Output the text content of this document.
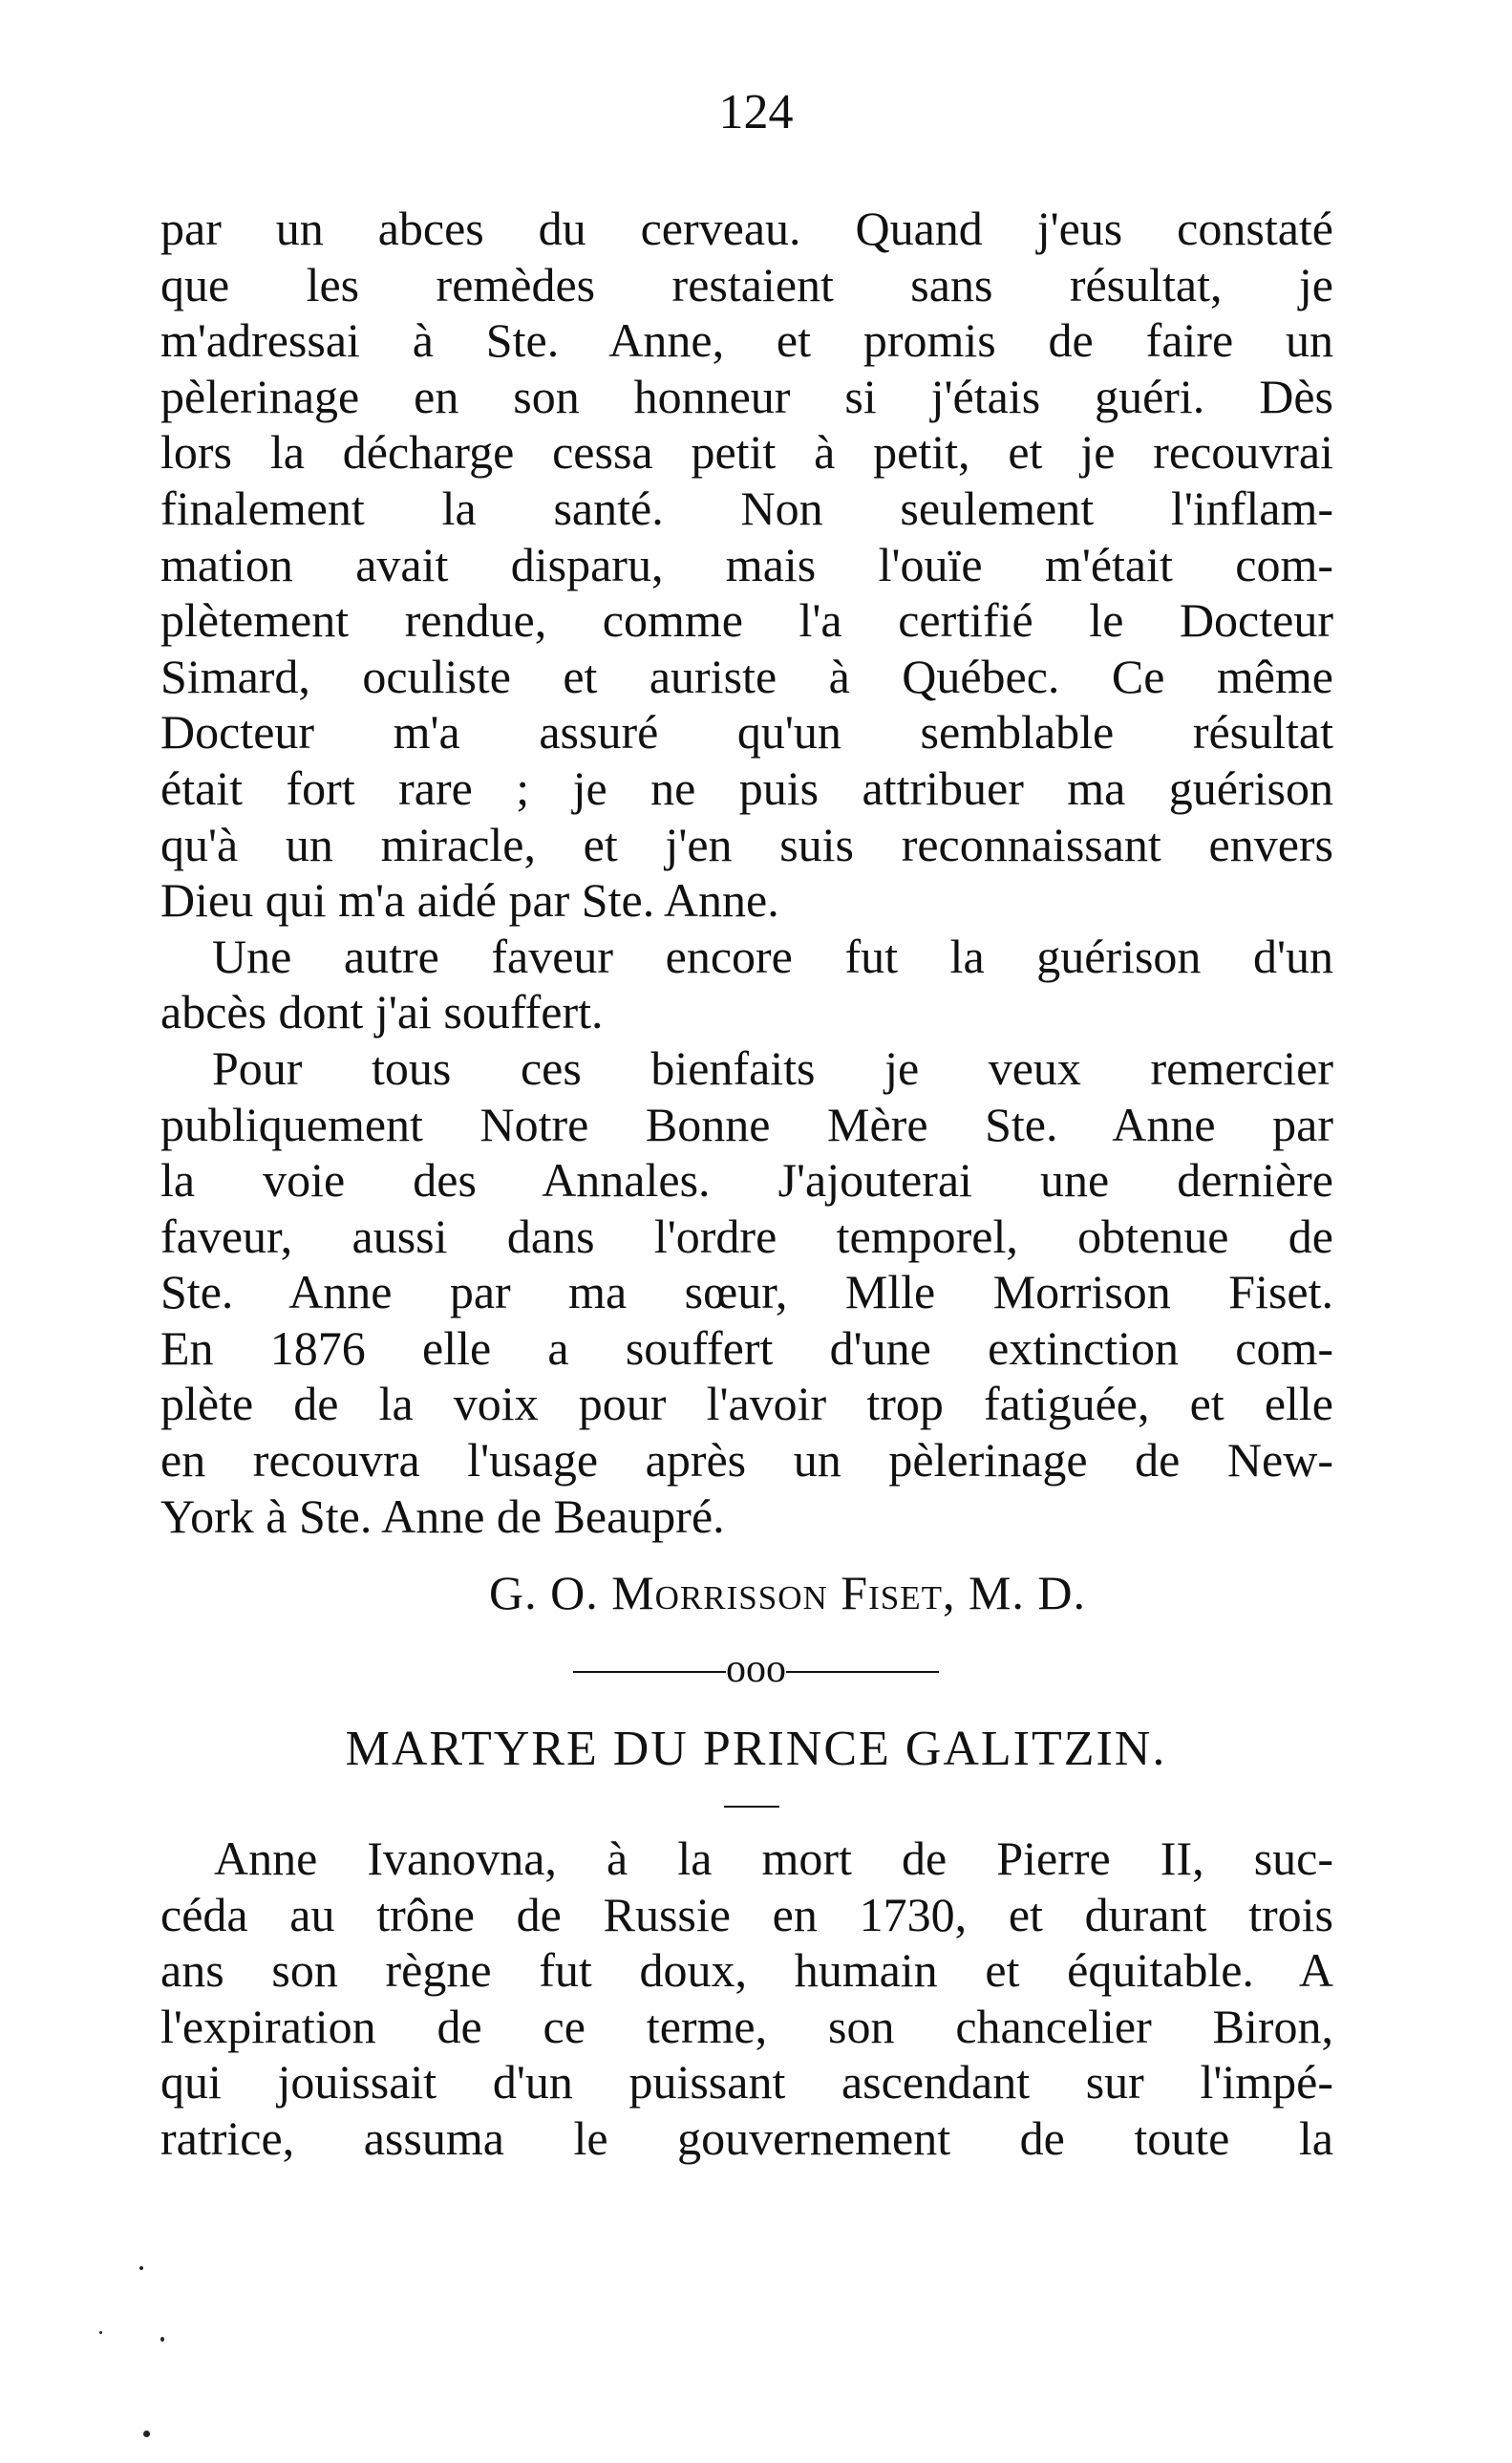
124
par un abces du cerveau. Quand j'eus constaté
que les remèdes restaient sans résultat, je
m'adressai à Ste. Anne, et promis de faire un
pèlerinage en son honneur si j'étais guéri. Dès
lors la décharge cessa petit à petit, et je recouvrai
finalement la santé. Non seulement l'inflam-
mation avait disparu, mais l'ouïe m'était com-
plètement rendue, comme l'a certifié le Docteur
Simard, oculiste et auriste à Québec. Ce même
Docteur m'a assuré qu'un semblable résultat
était fort rare ; je ne puis attribuer ma guérison
qu'à un miracle, et j'en suis reconnaissant envers
Dieu qui m'a aidé par Ste. Anne.
Une autre faveur encore fut la guérison d'un
abcès dont j'ai souffert.
Pour tous ces bienfaits je veux remercier
publiquement Notre Bonne Mère Ste. Anne par
la voie des Annales. J'ajouterai une dernière
faveur, aussi dans l'ordre temporel, obtenue de
Ste. Anne par ma sœur, Mlle Morrison Fiset.
En 1876 elle a souffert d'une extinction com-
plète de la voix pour l'avoir trop fatiguée, et elle
en recouvra l'usage après un pèlerinage de New-
York à Ste. Anne de Beaupré.
G. O. Morrisson Fiset, M. D.
ooo
MARTYRE DU PRINCE GALITZIN.
Anne Ivanovna, à la mort de Pierre II, suc-
céda au trône de Russie en 1730, et durant trois
ans son règne fut doux, humain et équitable. A
l'expiration de ce terme, son chancelier Biron,
qui jouissait d'un puissant ascendant sur l'impé-
ratrice, assuma le gouvernement de toute la
